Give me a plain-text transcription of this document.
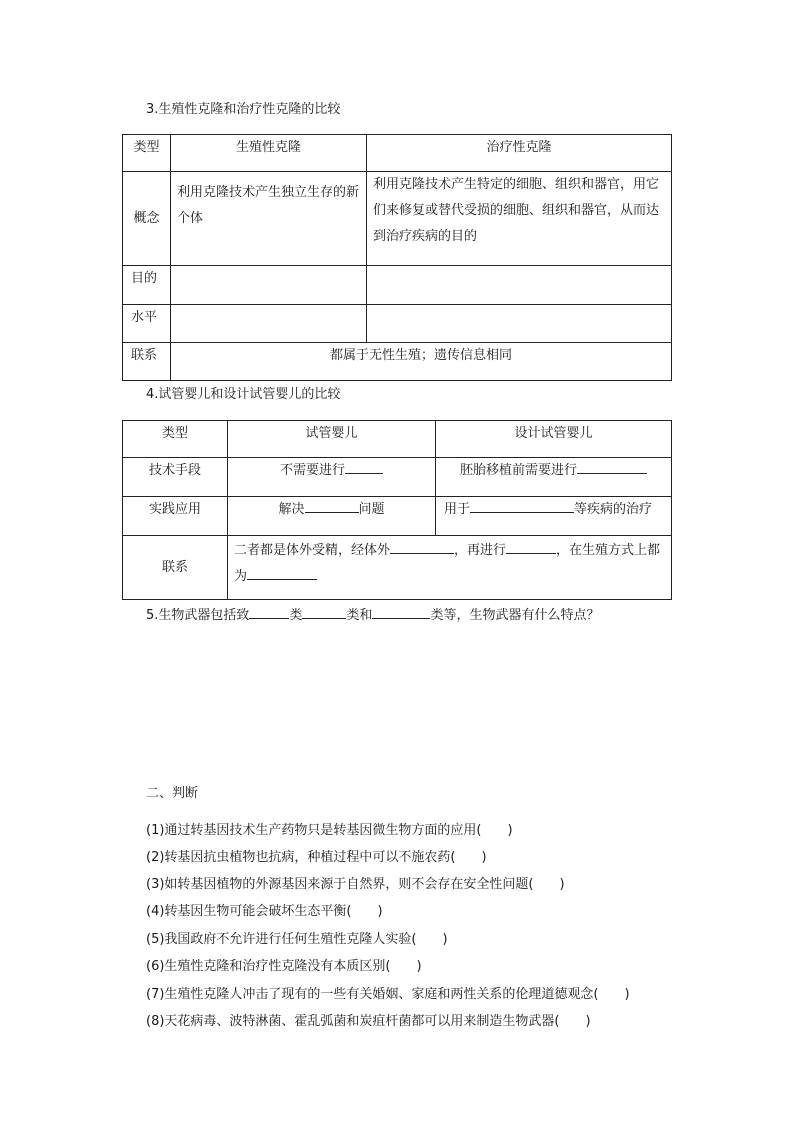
3.生殖性克隆和治疗性克隆的比较
类型	生殖性克隆	治疗性克隆
概念	利用克隆技术产生独立生存的新个体	利用克隆技术产生特定的细胞、组织和器官，用它们来修复或替代受损的细胞、组织和器官，从而达到治疗疾病的目的
目的		
水平		
联系	都属于无性生殖；遗传信息相同	
4.试管婴儿和设计试管婴儿的比较
类型	试管婴儿	设计试管婴儿
技术手段	不需要进行	胚胎移植前需要进行
实践应用	解决 问题	用于 等疾病的治疗
联系	二者都是体外受精，经体外 ，再进行 ，在生殖方式上都为	
5.生物武器包括致	类	类和	类等，生物武器有什么特点？
二、判断
(1)通过转基因技术生产药物只是转基因微生物方面的应用(　　)
(2)转基因抗虫植物也抗病，种植过程中可以不施农药(　　)
(3)如转基因植物的外源基因来源于自然界，则不会存在安全性问题(　　)
(4)转基因生物可能会破坏生态平衡(　　)
(5)我国政府不允许进行任何生殖性克隆人实验(　　)
(6)生殖性克隆和治疗性克隆没有本质区别(　　)
(7)生殖性克隆人冲击了现有的一些有关婚姻、家庭和两性关系的伦理道德观念(　　)
(8)天花病毒、波特淋菌、霍乱弧菌和炭疽杆菌都可以用来制造生物武器(　　)
